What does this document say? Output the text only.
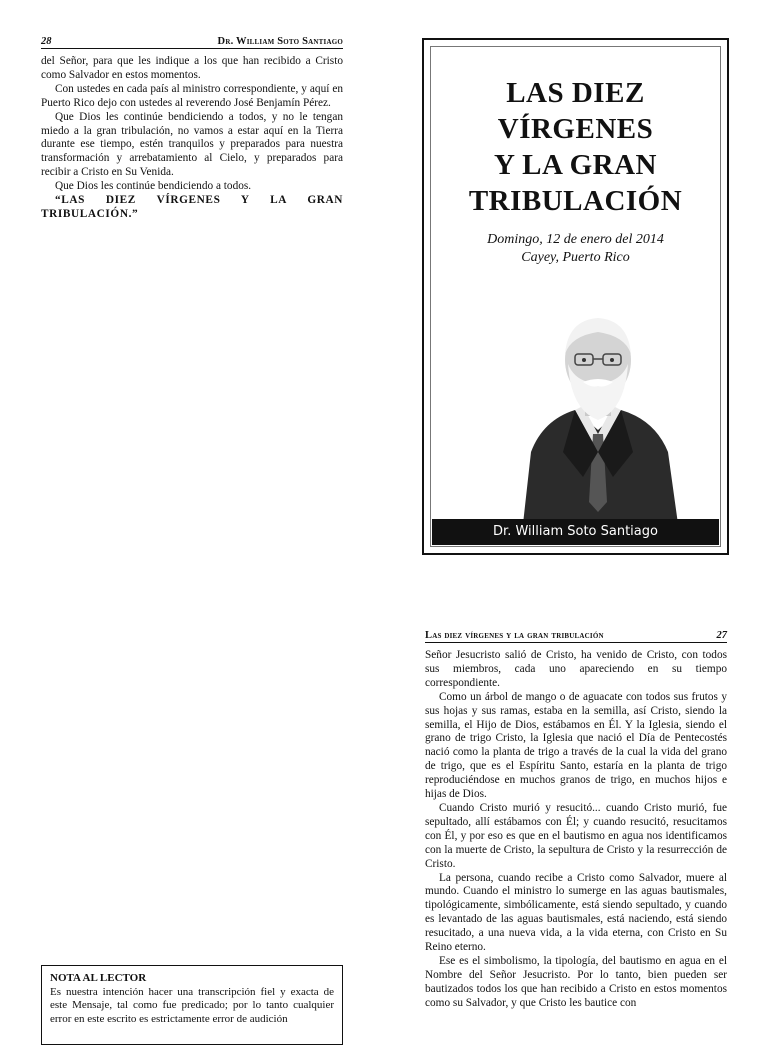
28	Dr. William Soto Santiago

del Señor, para que les indique a los que han recibido a Cristo como Salvador en estos momentos.

Con ustedes en cada país al ministro correspondiente, y aquí en Puerto Rico dejo con ustedes al reverendo José Benjamín Pérez.

Que Dios les continúe bendiciendo a todos, y no le tengan miedo a la gran tribulación, no vamos a estar aquí en la Tierra durante ese tiempo, estén tranquilos y preparados para nuestra transformación y arrebatamiento al Cielo, y preparados para recibir a Cristo en Su Venida.

Que Dios les continúe bendiciendo a todos.

“LAS DIEZ VÍRGENES Y LA GRAN TRIBULACIÓN.”

LAS DIEZ
VÍRGENES
Y LA GRAN
TRIBULACIÓN
Domingo, 12 de enero del 2014
Cayey, Puerto Rico
Dr. William Soto Santiago
Las diez vírgenes y la gran tribulación	27

Señor Jesucristo salió de Cristo, ha venido de Cristo, con todos sus miembros, cada uno apareciendo en su tiempo correspondiente.

Como un árbol de mango o de aguacate con todos sus frutos y sus hojas y sus ramas, estaba en la semilla, así Cristo, siendo la semilla, el Hijo de Dios, estábamos en Él. Y la Iglesia, siendo el grano de trigo Cristo, la Iglesia que nació el Día de Pentecostés nació como la planta de trigo a través de la cual la vida del grano de trigo, que es el Espíritu Santo, estaría en la planta de trigo reproduciéndose en muchos granos de trigo, en muchos hijos e hijas de Dios.

Cuando Cristo murió y resucitó... cuando Cristo murió, fue sepultado, allí estábamos con Él; y cuando resucitó, resucitamos con Él, y por eso es que en el bautismo en agua nos identificamos con la muerte de Cristo, la sepultura de Cristo y la resurrección de Cristo.

La persona, cuando recibe a Cristo como Salvador, muere al mundo. Cuando el ministro lo sumerge en las aguas bautismales, tipológicamente, simbólicamente, está siendo sepultado, y cuando es levantado de las aguas bautismales, está naciendo, está siendo resucitado, a una nueva vida, a la vida eterna, con Cristo en Su Reino eterno.

Ese es el simbolismo, la tipología, del bautismo en agua en el Nombre del Señor Jesucristo. Por lo tanto, bien pueden ser bautizados todos los que han recibido a Cristo en estos momentos como su Salvador, y que Cristo les bautice con

NOTA AL LECTOR
Es nuestra intención hacer una transcripción fiel y exacta de este Mensaje, tal como fue predicado; por lo tanto cualquier error en este escrito es estrictamente error de audición
